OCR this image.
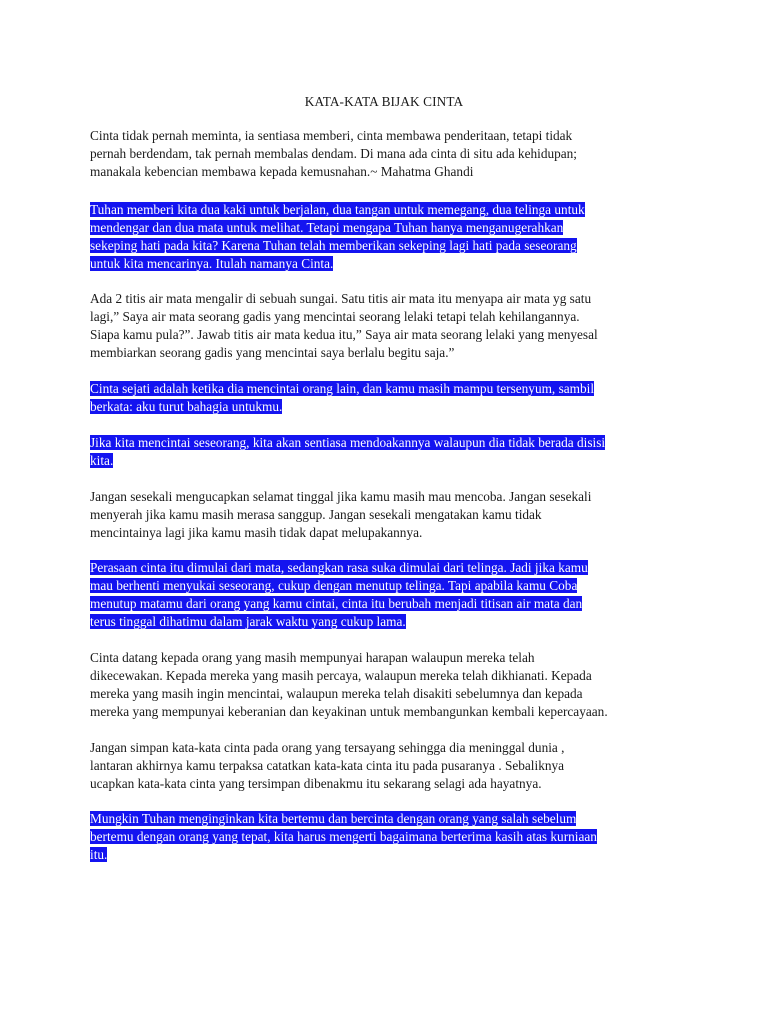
KATA-KATA BIJAK CINTA
Cinta tidak pernah meminta, ia sentiasa memberi, cinta membawa penderitaan, tetapi tidak
pernah berdendam, tak pernah membalas dendam. Di mana ada cinta di situ ada kehidupan;
manakala kebencian membawa kepada kemusnahan.~ Mahatma Ghandi
Tuhan memberi kita dua kaki untuk berjalan, dua tangan untuk memegang, dua telinga untuk
mendengar dan dua mata untuk melihat. Tetapi mengapa Tuhan hanya menganugerahkan
sekeping hati pada kita? Karena Tuhan telah memberikan sekeping lagi hati pada seseorang
untuk kita mencarinya. Itulah namanya Cinta.
Ada 2 titis air mata mengalir di sebuah sungai. Satu titis air mata itu menyapa air mata yg satu
lagi,” Saya air mata seorang gadis yang mencintai seorang lelaki tetapi telah kehilangannya.
Siapa kamu pula?”. Jawab titis air mata kedua itu,” Saya air mata seorang lelaki yang menyesal
membiarkan seorang gadis yang mencintai saya berlalu begitu saja.”
Cinta sejati adalah ketika dia mencintai orang lain, dan kamu masih mampu tersenyum, sambil
berkata: aku turut bahagia untukmu.
Jika kita mencintai seseorang, kita akan sentiasa mendoakannya walaupun dia tidak berada disisi
kita.
Jangan sesekali mengucapkan selamat tinggal jika kamu masih mau mencoba. Jangan sesekali
menyerah jika kamu masih merasa sanggup. Jangan sesekali mengatakan kamu tidak
mencintainya lagi jika kamu masih tidak dapat melupakannya.
Perasaan cinta itu dimulai dari mata, sedangkan rasa suka dimulai dari telinga. Jadi jika kamu
mau berhenti menyukai seseorang, cukup dengan menutup telinga. Tapi apabila kamu Coba
menutup matamu dari orang yang kamu cintai, cinta itu berubah menjadi titisan air mata dan
terus tinggal dihatimu dalam jarak waktu yang cukup lama.
Cinta datang kepada orang yang masih mempunyai harapan walaupun mereka telah
dikecewakan. Kepada mereka yang masih percaya, walaupun mereka telah dikhianati. Kepada
mereka yang masih ingin mencintai, walaupun mereka telah disakiti sebelumnya dan kepada
mereka yang mempunyai keberanian dan keyakinan untuk membangunkan kembali kepercayaan.
Jangan simpan kata-kata cinta pada orang yang tersayang sehingga dia meninggal dunia ,
lantaran akhirnya kamu terpaksa catatkan kata-kata cinta itu pada pusaranya . Sebaliknya
ucapkan kata-kata cinta yang tersimpan dibenakmu itu sekarang selagi ada hayatnya.
Mungkin Tuhan menginginkan kita bertemu dan bercinta dengan orang yang salah sebelum
bertemu dengan orang yang tepat, kita harus mengerti bagaimana berterima kasih atas kurniaan
itu.
